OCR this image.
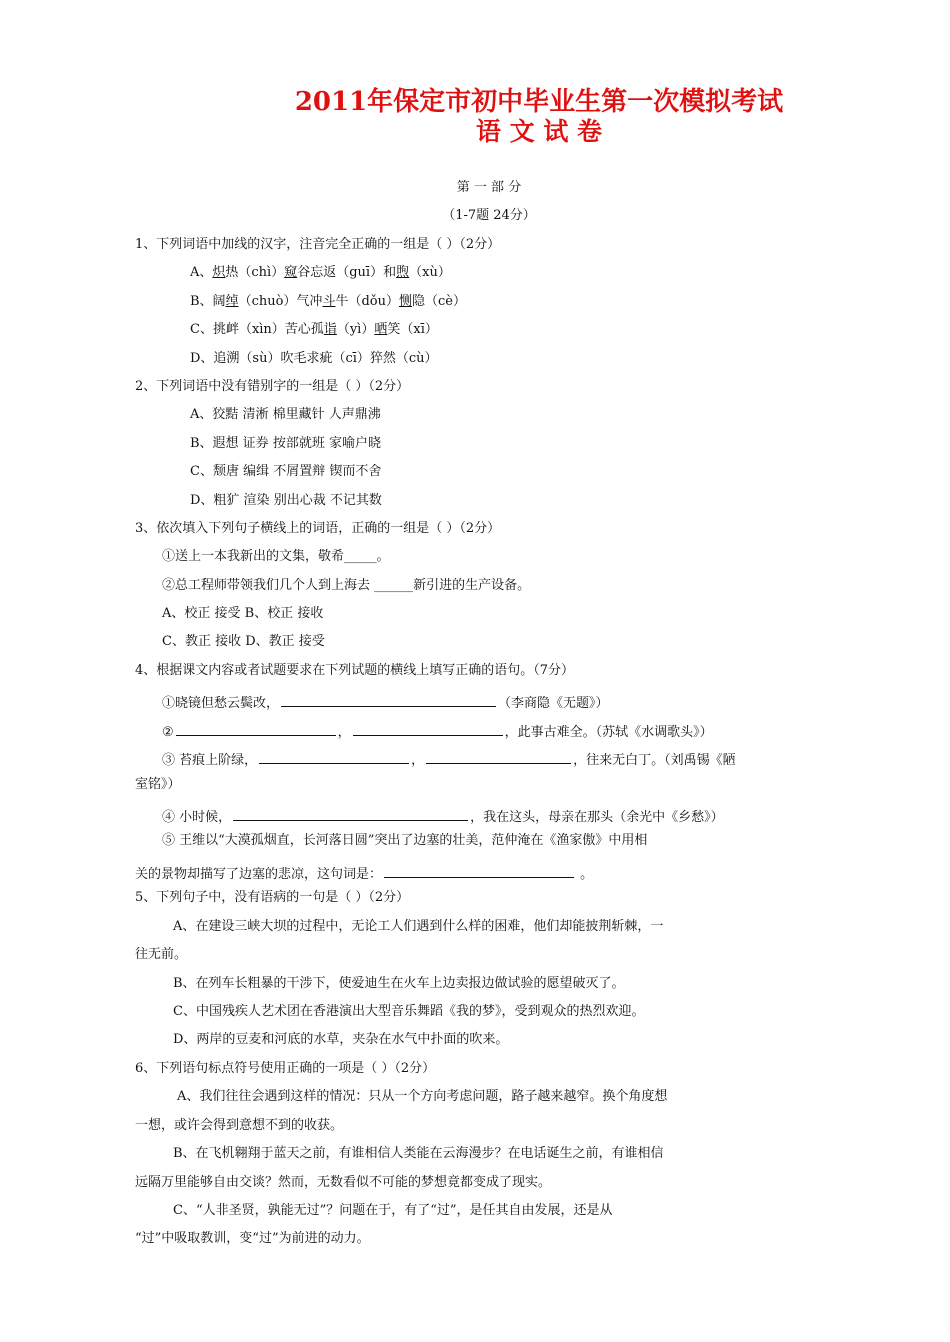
2011年保定市初中毕业生第一次模拟考试
语 文 试 卷
第 一 部 分
（1-7题 24分）
1、下列词语中加线的汉字，注音完全正确的一组是（ ）（2分）
A、炽热（chì）窥谷忘返（guī）和煦（xù）
B、阔绰（chuò）气冲斗牛（dǒu）恻隐（cè）
C、挑衅（xìn）苦心孤诣（yì）哂笑（xī）
D、追溯（sù）吹毛求疵（cī）猝然（cù）
2、下列词语中没有错别字的一组是（ ）（2分）
A、狡黠 清淅 棉里藏针 人声鼎沸
B、遐想 证券 按部就班 家喻户晓
C、颓唐 编缉 不屑置辩 锲而不舍
D、粗犷 渲染 别出心裁 不记其数
3、依次填入下列句子横线上的词语，正确的一组是（ ）（2分）
①送上一本我新出的文集，敬希_____。
②总工程师带领我们几个人到上海去 ______新引进的生产设备。
A、校正 接受 B、校正 接收
C、教正 接收 D、教正 接受
4、根据课文内容或者试题要求在下列试题的横线上填写正确的语句。（7分）
①晓镜但愁云鬓改，	（李商隐《无题》）
②	，	，此事古难全。（苏轼《水调歌头》）
③ 苔痕上阶绿，	，	，往来无白丁。（刘禹锡《陋
室铭》）
④ 小时候，	，我在这头，母亲在那头（余光中《乡愁》）
⑤ 王维以“大漠孤烟直，长河落日圆”突出了边塞的壮美，范仲淹在《渔家傲》中用相
关的景物却描写了边塞的悲凉，这句词是：	。
5、下列句子中，没有语病的一句是（ ）（2分）
A、在建设三峡大坝的过程中，无论工人们遇到什么样的困难，他们却能披荆斩棘，一
往无前。
B、在列车长粗暴的干涉下，使爱迪生在火车上边卖报边做试验的愿望破灭了。
C、中国残疾人艺术团在香港演出大型音乐舞蹈《我的梦》，受到观众的热烈欢迎。
D、两岸的豆麦和河底的水草，夹杂在水气中扑面的吹来。
6、下列语句标点符号使用正确的一项是（ ）（2分）
A、我们往往会遇到这样的情况：只从一个方向考虑问题，路子越来越窄。换个角度想
一想，或许会得到意想不到的收获。
B、在飞机翱翔于蓝天之前，有谁相信人类能在云海漫步？在电话诞生之前，有谁相信
远隔万里能够自由交谈？然而，无数看似不可能的梦想竟都变成了现实。
C、“人非圣贤，孰能无过”？问题在于，有了“过”，是任其自由发展，还是从
“过”中吸取教训，变“过”为前进的动力。
